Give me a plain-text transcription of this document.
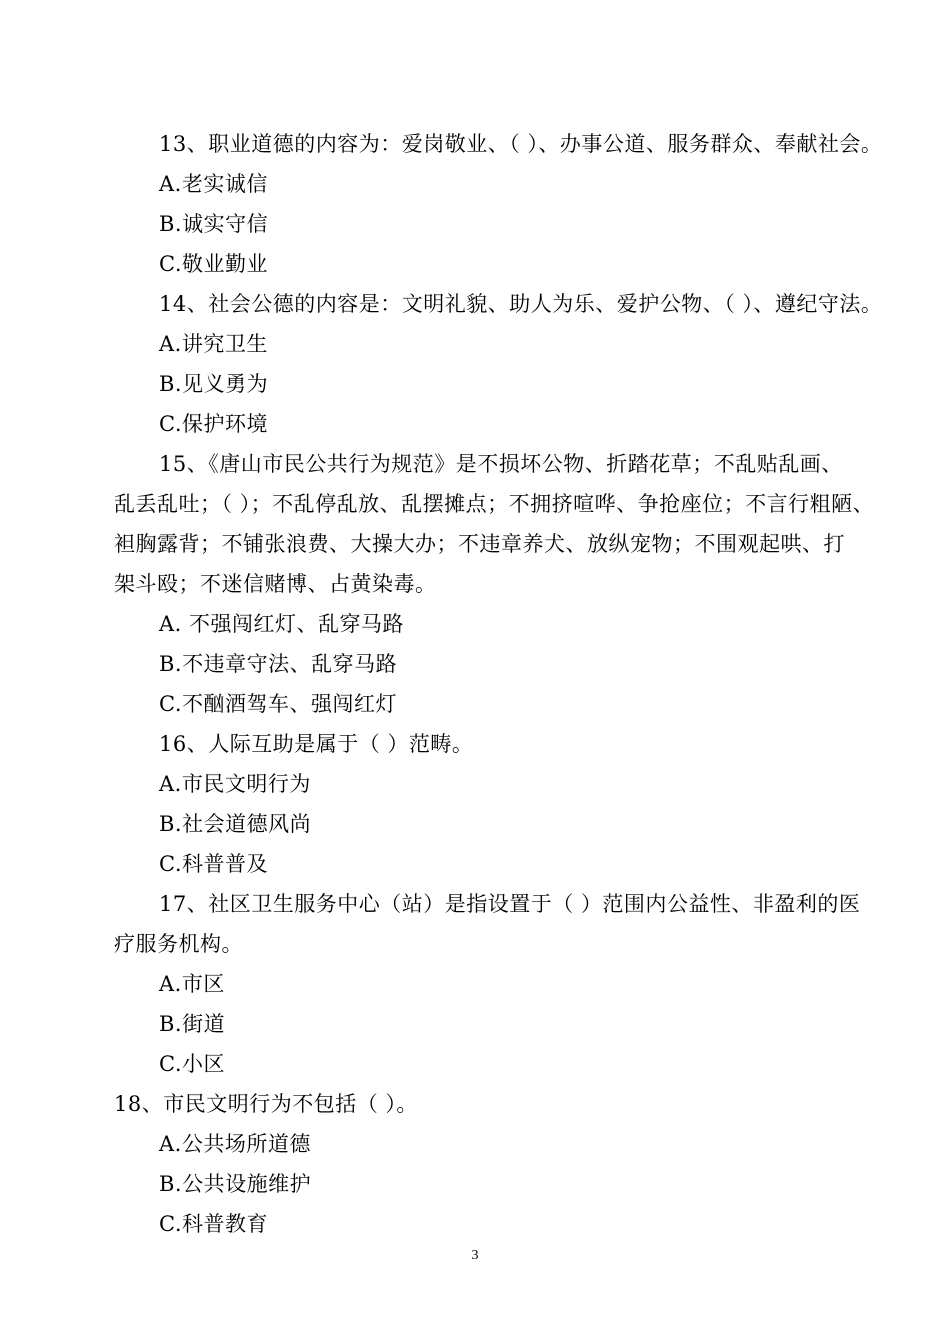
13、职业道德的内容为：爱岗敬业、（ ）、办事公道、服务群众、奉献社会。
A.老实诚信
B.诚实守信
C.敬业勤业
14、社会公德的内容是：文明礼貌、助人为乐、爱护公物、（ ）、遵纪守法。
A.讲究卫生
B.见义勇为
C.保护环境
15、《唐山市民公共行为规范》是不损坏公物、折踏花草；不乱贴乱画、
乱丢乱吐；（ ）；不乱停乱放、乱摆摊点；不拥挤喧哗、争抢座位；不言行粗陋、
袒胸露背；不铺张浪费、大操大办；不违章养犬、放纵宠物；不围观起哄、打
架斗殴；不迷信赌博、占黄染毒。
A. 不强闯红灯、乱穿马路
B.不违章守法、乱穿马路
C.不酗酒驾车、强闯红灯
16、人际互助是属于（ ）范畴。
A.市民文明行为
B.社会道德风尚
C.科普普及
17、社区卫生服务中心（站）是指设置于（ ）范围内公益性、非盈利的医
疗服务机构。
A.市区
B.街道
C.小区
18、市民文明行为不包括（ ）。
A.公共场所道德
B.公共设施维护
C.科普教育
3
